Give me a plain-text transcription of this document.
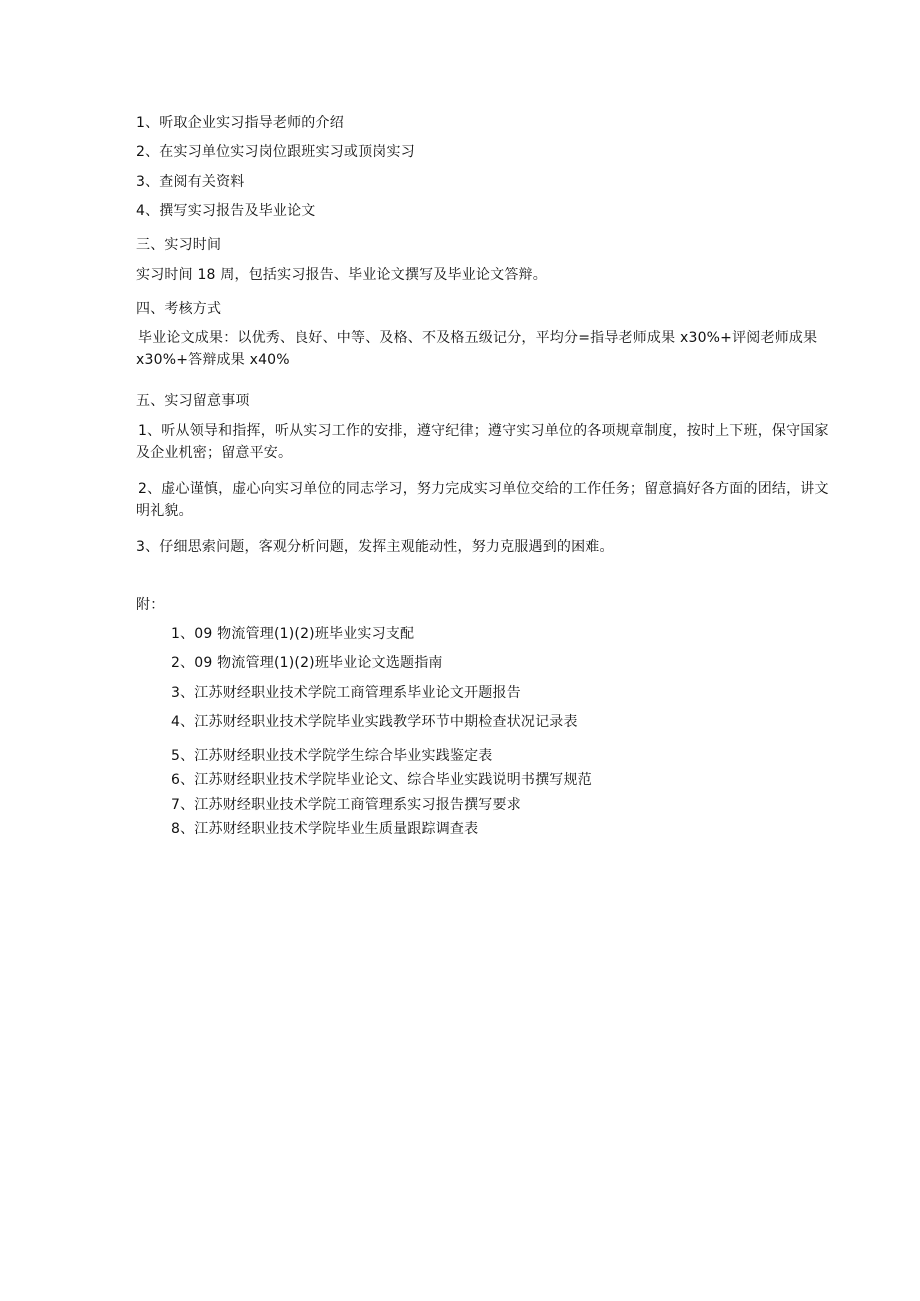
1、听取企业实习指导老师的介绍
2、在实习单位实习岗位跟班实习或顶岗实习
3、查阅有关资料
4、撰写实习报告及毕业论文
三、实习时间
实习时间 18 周，包括实习报告、毕业论文撰写及毕业论文答辩。
四、考核方式
毕业论文成果：以优秀、良好、中等、及格、不及格五级记分，平均分=指导老师成果 x30%+评阅老师成果 x30%+答辩成果 x40%
五、实习留意事项
1、听从领导和指挥，听从实习工作的安排，遵守纪律；遵守实习单位的各项规章制度，按时上下班，保守国家及企业机密；留意平安。
2、虚心谨慎，虚心向实习单位的同志学习，努力完成实习单位交给的工作任务；留意搞好各方面的团结，讲文明礼貌。
3、仔细思索问题，客观分析问题，发挥主观能动性，努力克服遇到的困难。
附：
1、09 物流管理(1)(2)班毕业实习支配
2、09 物流管理(1)(2)班毕业论文选题指南
3、江苏财经职业技术学院工商管理系毕业论文开题报告
4、江苏财经职业技术学院毕业实践教学环节中期检查状况记录表
5、江苏财经职业技术学院学生综合毕业实践鉴定表
6、江苏财经职业技术学院毕业论文、综合毕业实践说明书撰写规范
7、江苏财经职业技术学院工商管理系实习报告撰写要求
8、江苏财经职业技术学院毕业生质量跟踪调查表
